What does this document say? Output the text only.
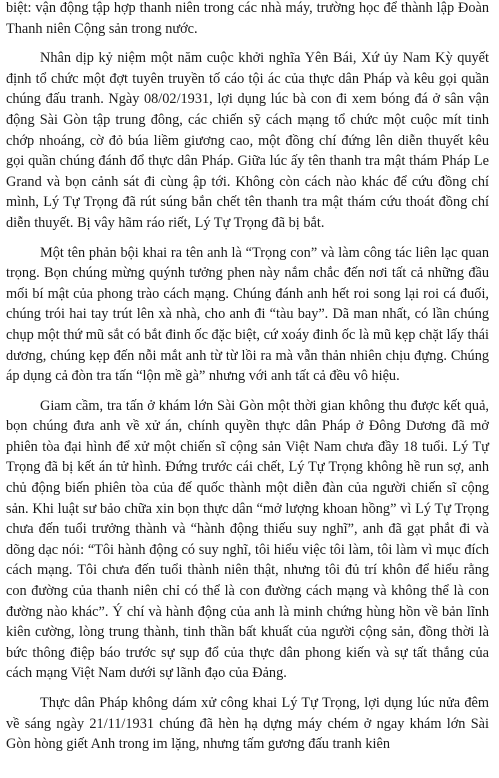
biệt: vận động tập hợp thanh niên trong các nhà máy, trường học để thành lập Đoàn Thanh niên Cộng sản trong nước.

Nhân dịp kỷ niệm một năm cuộc khởi nghĩa Yên Bái, Xứ ủy Nam Kỳ quyết định tổ chức một đợt tuyên truyền tố cáo tội ác của thực dân Pháp và kêu gọi quần chúng đấu tranh. Ngày 08/02/1931, lợi dụng lúc bà con đi xem bóng đá ở sân vận động Sài Gòn tập trung đông, các chiến sỹ cách mạng tổ chức một cuộc mít tinh chớp nhoáng, cờ đỏ búa liềm giương cao, một đồng chí đứng lên diễn thuyết kêu gọi quần chúng đánh đổ thực dân Pháp. Giữa lúc ấy tên thanh tra mật thám Pháp Le Grand và bọn cảnh sát đi cùng ập tới. Không còn cách nào khác để cứu đồng chí mình, Lý Tự Trọng đã rút súng bắn chết tên thanh tra mật thám cứu thoát đồng chí diễn thuyết. Bị vây hãm ráo riết, Lý Tự Trọng đã bị bắt.

Một tên phản bội khai ra tên anh là “Trọng con” và làm công tác liên lạc quan trọng. Bọn chúng mừng quýnh tưởng phen này nắm chắc đến nơi tất cả những đầu mối bí mật của phong trào cách mạng. Chúng đánh anh hết roi song lại roi cá đuối, chúng trói hai tay trút lên xà nhà, cho anh đi “tàu bay”. Dã man nhất, có lần chúng chụp một thứ mũ sắt có bắt đinh ốc đặc biệt, cứ xoáy đinh ốc là mũ kẹp chặt lấy thái dương, chúng kẹp đến nỗi mắt anh từ từ lồi ra mà vẫn thản nhiên chịu đựng. Chúng áp dụng cả đòn tra tấn “lộn mề gà” nhưng với anh tất cả đều vô hiệu.

Giam cầm, tra tấn ở khám lớn Sài Gòn một thời gian không thu được kết quả, bọn chúng đưa anh về xử án, chính quyền thực dân Pháp ở Đông Dương đã mở phiên tòa đại hình để xử một chiến sĩ cộng sản Việt Nam chưa đầy 18 tuổi. Lý Tự Trọng đã bị kết án tử hình. Đứng trước cái chết, Lý Tự Trọng không hề run sợ, anh chủ động biến phiên tòa của đế quốc thành một diễn đàn của người chiến sĩ cộng sản. Khi luật sư bảo chữa xin bọn thực dân “mở lượng khoan hồng” vì Lý Tự Trọng chưa đến tuổi trưởng thành và “hành động thiếu suy nghĩ”, anh đã gạt phắt đi và dõng dạc nói: “Tôi hành động có suy nghĩ, tôi hiểu việc tôi làm, tôi làm vì mục đích cách mạng. Tôi chưa đến tuổi thành niên thật, nhưng tôi đủ trí khôn để hiểu rằng con đường của thanh niên chỉ có thể là con đường cách mạng và không thể là con đường nào khác”. Ý chí và hành động của anh là minh chứng hùng hồn về bản lĩnh kiên cường, lòng trung thành, tinh thần bất khuất của người cộng sản, đồng thời là bức thông điệp báo trước sự sụp đổ của thực dân phong kiến và sự tất thắng của cách mạng Việt Nam dưới sự lãnh đạo của Đảng.

Thực dân Pháp không dám xử công khai Lý Tự Trọng, lợi dụng lúc nửa đêm về sáng ngày 21/11/1931 chúng đã hèn hạ dựng máy chém ở ngay khám lớn Sài Gòn hòng giết Anh trong im lặng, nhưng tấm gương đấu tranh kiên
